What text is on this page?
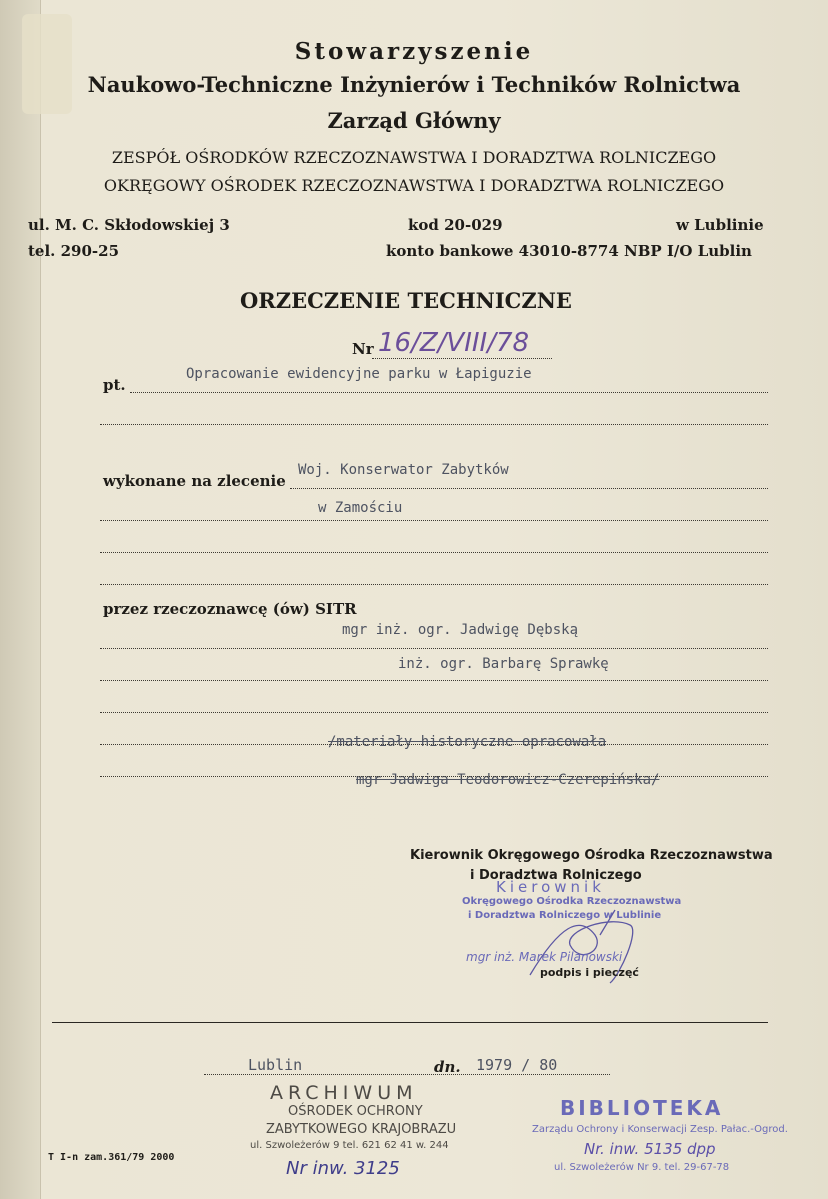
Stowarzyszenie
Naukowo-Techniczne Inżynierów i Techników Rolnictwa
Zarząd Główny
ZESPÓŁ OŚRODKÓW RZECZOZNAWSTWA I DORADZTWA ROLNICZEGO
OKRĘGOWY OŚRODEK RZECZOZNAWSTWA I DORADZTWA ROLNICZEGO
ul. M. C. Skłodowskiej 3
tel. 290-25
kod 20-029
konto bankowe 43010-8774 NBP I/O Lublin
w Lublinie
ORZECZENIE TECHNICZNE
Nr 16/Z/VIII/78
pt.
Opracowanie ewidencyjne parku w Łapiguzie
wykonane na zlecenie
Woj. Konserwator Zabytków
w Zamościu
przez rzeczoznawcę (ów) SITR
mgr inż. ogr. Jadwigę Dębską
inż. ogr. Barbarę Sprawkę
/materiały historyczne opracowała
mgr Jadwiga Teodorowicz-Czerepińska/
Kierownik Okręgowego Ośrodka Rzeczoznawstwa
i Doradztwa Rolniczego
Kierownik
Okręgowego Ośrodka Rzeczoznawstwa
i Doradztwa Rolniczego w Lublinie
mgr inż. Marek Pilanowski
podpis i pieczęć
Lublin	dn. 1979 / 80
ARCHIWUM
OŚRODEK OCHRONY
ZABYTKOWEGO KRAJOBRAZU
ul. Szwoleżerów 9 tel. 621 62 41 w. 244
Nr inw. 3125
T I-n zam.361/79 2000
BIBLIOTEKA
Zarządu Ochrony i Konserwacji Zesp. Pałac.-Ogrod.
Nr. inw. 5135 dpp
ul. Szwoleżerów Nr 9. tel. 29-67-78
